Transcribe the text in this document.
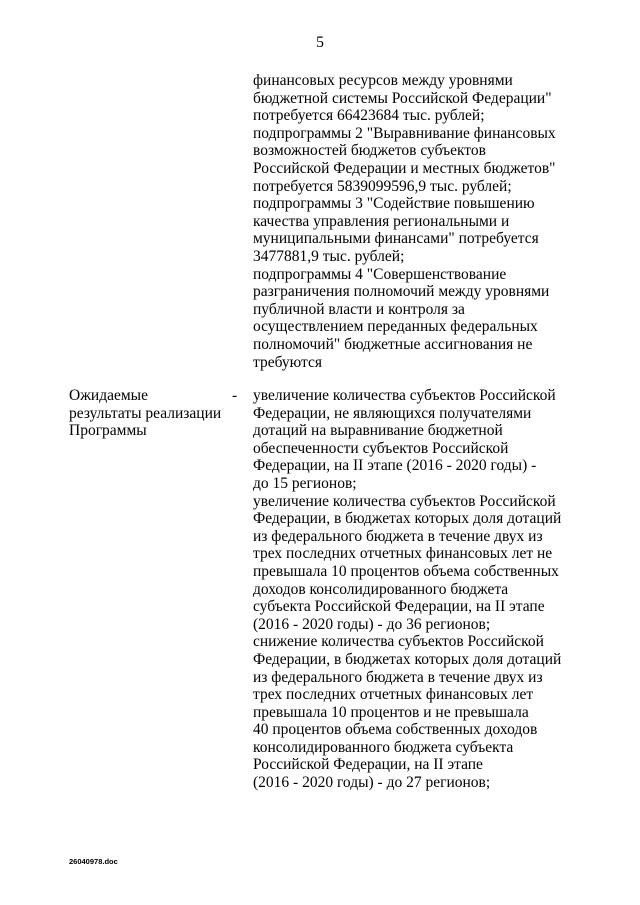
5
финансовых ресурсов между уровнями
бюджетной системы Российской Федерации"
потребуется 66423684 тыс. рублей;
подпрограммы 2 "Выравнивание финансовых
возможностей бюджетов субъектов
Российской Федерации и местных бюджетов"
потребуется 5839099596,9 тыс. рублей;
подпрограммы 3 "Содействие повышению
качества управления региональными и
муниципальными финансами" потребуется
3477881,9 тыс. рублей;
подпрограммы 4 "Совершенствование
разграничения полномочий между уровнями
публичной власти и контроля за
осуществлением переданных федеральных
полномочий" бюджетные ассигнования не
требуются
Ожидаемые
результаты реализации
Программы
- увеличение количества субъектов Российской
Федерации, не являющихся получателями
дотаций на выравнивание бюджетной
обеспеченности субъектов Российской
Федерации, на II этапе (2016 - 2020 годы) -
до 15 регионов;
увеличение количества субъектов Российской
Федерации, в бюджетах которых доля дотаций
из федерального бюджета в течение двух из
трех последних отчетных финансовых лет не
превышала 10 процентов объема собственных
доходов консолидированного бюджета
субъекта Российской Федерации, на II этапе
(2016 - 2020 годы) - до 36 регионов;
снижение количества субъектов Российской
Федерации, в бюджетах которых доля дотаций
из федерального бюджета в течение двух из
трех последних отчетных финансовых лет
превышала 10 процентов и не превышала
40 процентов объема собственных доходов
консолидированного бюджета субъекта
Российской Федерации, на II этапе
(2016 - 2020 годы) - до 27 регионов;
26040978.doc
